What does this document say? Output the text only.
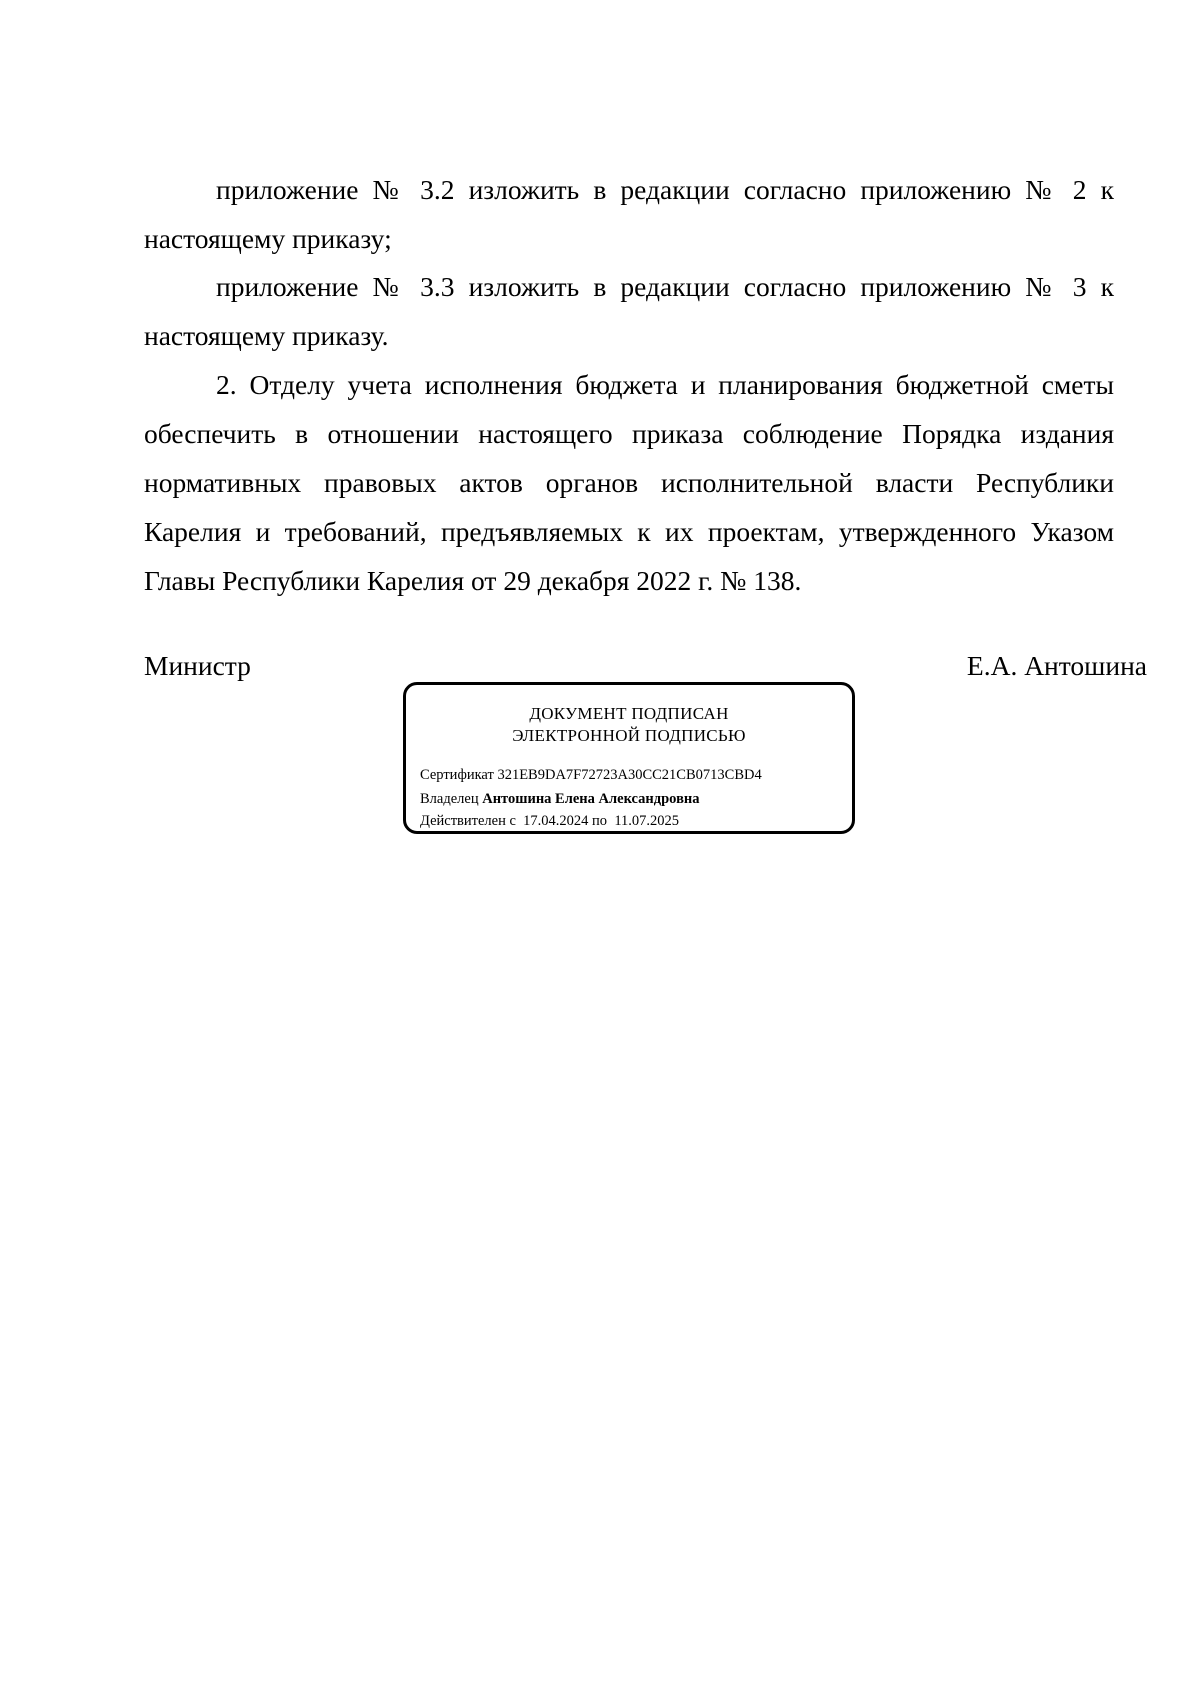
приложение № 3.2 изложить в редакции согласно приложению № 2 к
настоящему приказу;

приложение № 3.3 изложить в редакции согласно приложению № 3 к
настоящему приказу.

2. Отделу учета исполнения бюджета и планирования бюджетной сметы
обеспечить в отношении настоящего приказа соблюдение Порядка издания
нормативных правовых актов органов исполнительной власти Республики
Карелия и требований, предъявляемых к их проектам, утвержденного Указом
Главы Республики Карелия от 29 декабря 2022 г. № 138.

Министр	Е.А. Антошина
ДОКУМЕНТ ПОДПИСАН
ЭЛЕКТРОННОЙ ПОДПИСЬЮ
Сертификат 321EB9DA7F72723A30CC21CB0713CBD4
Владелец Антошина Елена Александровна
Действителен с 17.04.2024 по 11.07.2025
